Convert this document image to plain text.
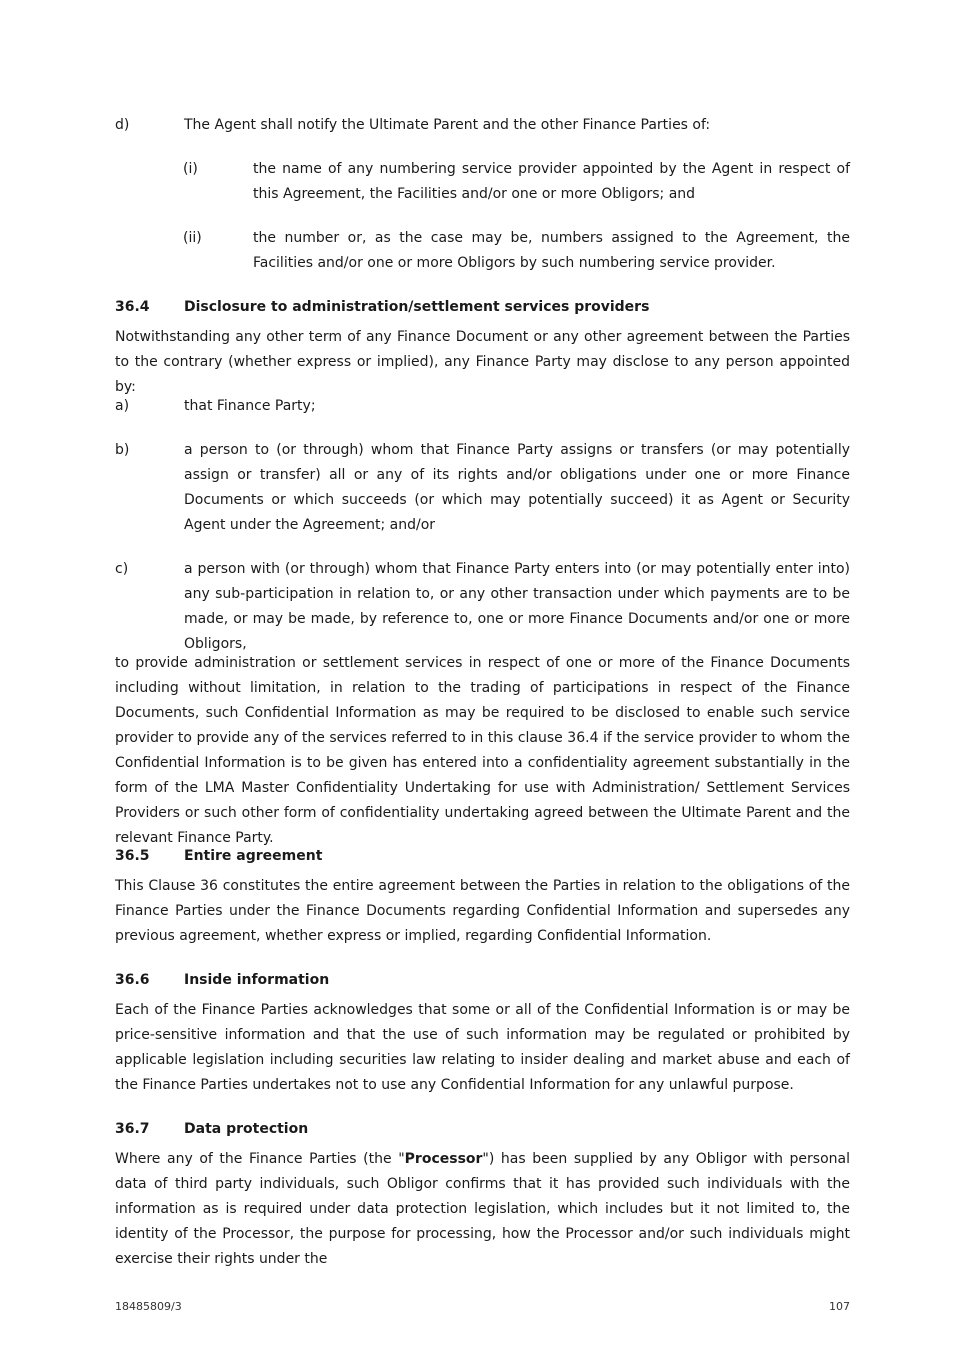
d)	The Agent shall notify the Ultimate Parent and the other Finance Parties of:
(i)	the name of any numbering service provider appointed by the Agent in respect of this Agreement, the Facilities and/or one or more Obligors; and
(ii)	the number or, as the case may be, numbers assigned to the Agreement, the Facilities and/or one or more Obligors by such numbering service provider.
36.4 Disclosure to administration/settlement services providers
Notwithstanding any other term of any Finance Document or any other agreement between the Parties to the contrary (whether express or implied), any Finance Party may disclose to any person appointed by:
a)	that Finance Party;
b)	a person to (or through) whom that Finance Party assigns or transfers (or may potentially assign or transfer) all or any of its rights and/or obligations under one or more Finance Documents or which succeeds (or which may potentially succeed) it as Agent or Security Agent under the Agreement; and/or
c)	a person with (or through) whom that Finance Party enters into (or may potentially enter into) any sub-participation in relation to, or any other transaction under which payments are to be made, or may be made, by reference to, one or more Finance Documents and/or one or more Obligors,
to provide administration or settlement services in respect of one or more of the Finance Documents including without limitation, in relation to the trading of participations in respect of the Finance Documents, such Confidential Information as may be required to be disclosed to enable such service provider to provide any of the services referred to in this clause 36.4 if the service provider to whom the Confidential Information is to be given has entered into a confidentiality agreement substantially in the form of the LMA Master Confidentiality Undertaking for use with Administration/ Settlement Services Providers or such other form of confidentiality undertaking agreed between the Ultimate Parent and the relevant Finance Party.
36.5 Entire agreement
This Clause 36 constitutes the entire agreement between the Parties in relation to the obligations of the Finance Parties under the Finance Documents regarding Confidential Information and supersedes any previous agreement, whether express or implied, regarding Confidential Information.
36.6 Inside information
Each of the Finance Parties acknowledges that some or all of the Confidential Information is or may be price-sensitive information and that the use of such information may be regulated or prohibited by applicable legislation including securities law relating to insider dealing and market abuse and each of the Finance Parties undertakes not to use any Confidential Information for any unlawful purpose.
36.7 Data protection
Where any of the Finance Parties (the "Processor") has been supplied by any Obligor with personal data of third party individuals, such Obligor confirms that it has provided such individuals with the information as is required under data protection legislation, which includes but it not limited to, the identity of the Processor, the purpose for processing, how the Processor and/or such individuals might exercise their rights under the
18485809/3	107
